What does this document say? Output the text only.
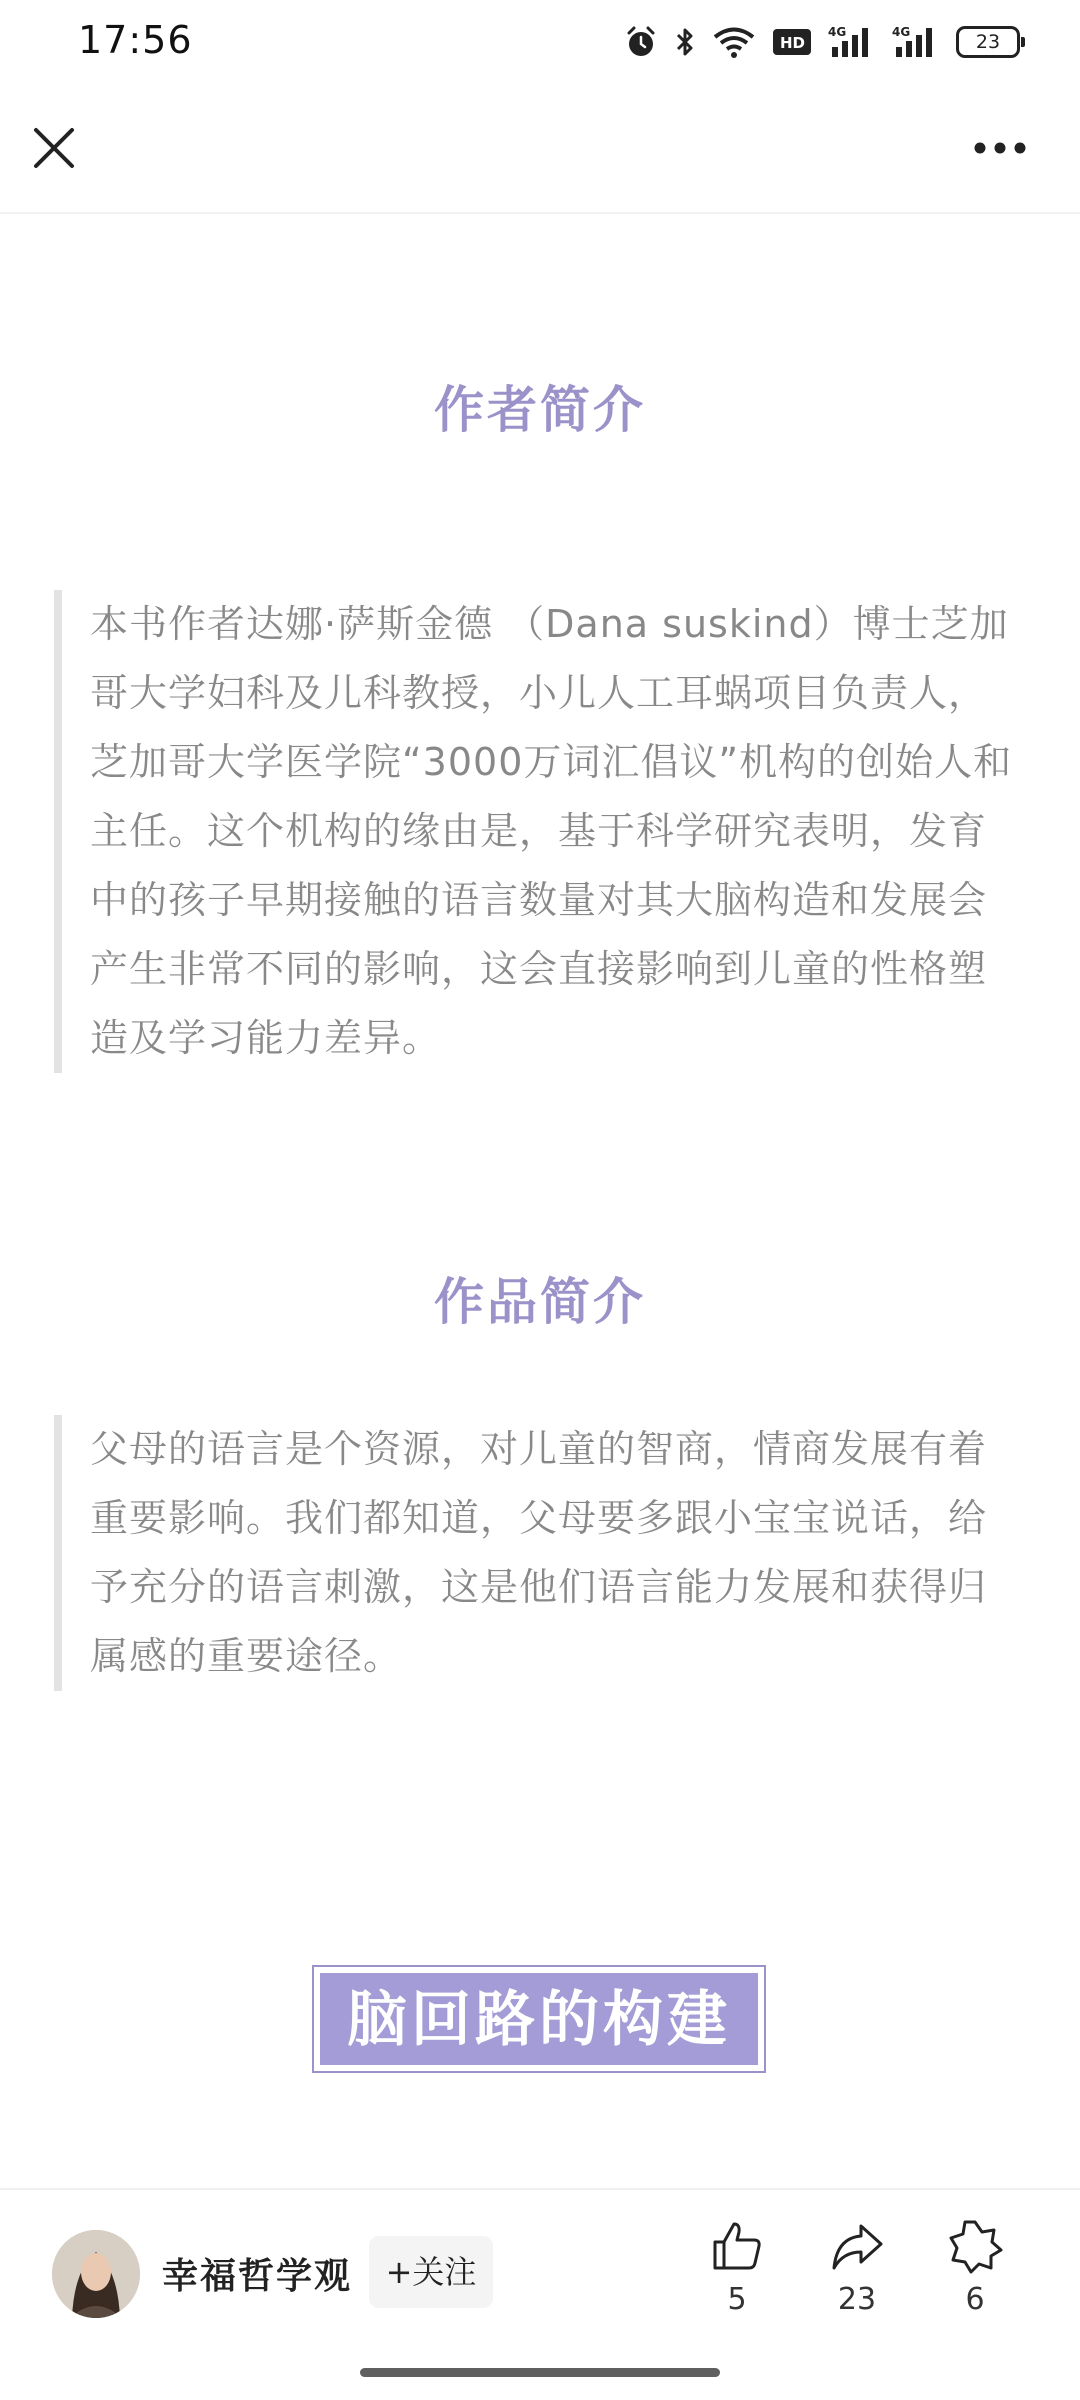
17:56	HD
4G	4G	23
作者简介

本书作者达娜·萨斯金德 （Dana suskind）博士芝加哥大学妇科及儿科教授，小儿人工耳蜗项目负责人，芝加哥大学医学院“3000万词汇倡议”机构的创始人和主任。这个机构的缘由是，基于科学研究表明，发育中的孩子早期接触的语言数量对其大脑构造和发展会产生非常不同的影响，这会直接影响到儿童的性格塑造及学习能力差异。

作品简介

父母的语言是个资源，对儿童的智商，情商发展有着重要影响。我们都知道，父母要多跟小宝宝说话，给予充分的语言刺激，这是他们语言能力发展和获得归属感的重要途径。

脑回路的构建
幸福哲学观	+关注
5	23	6
